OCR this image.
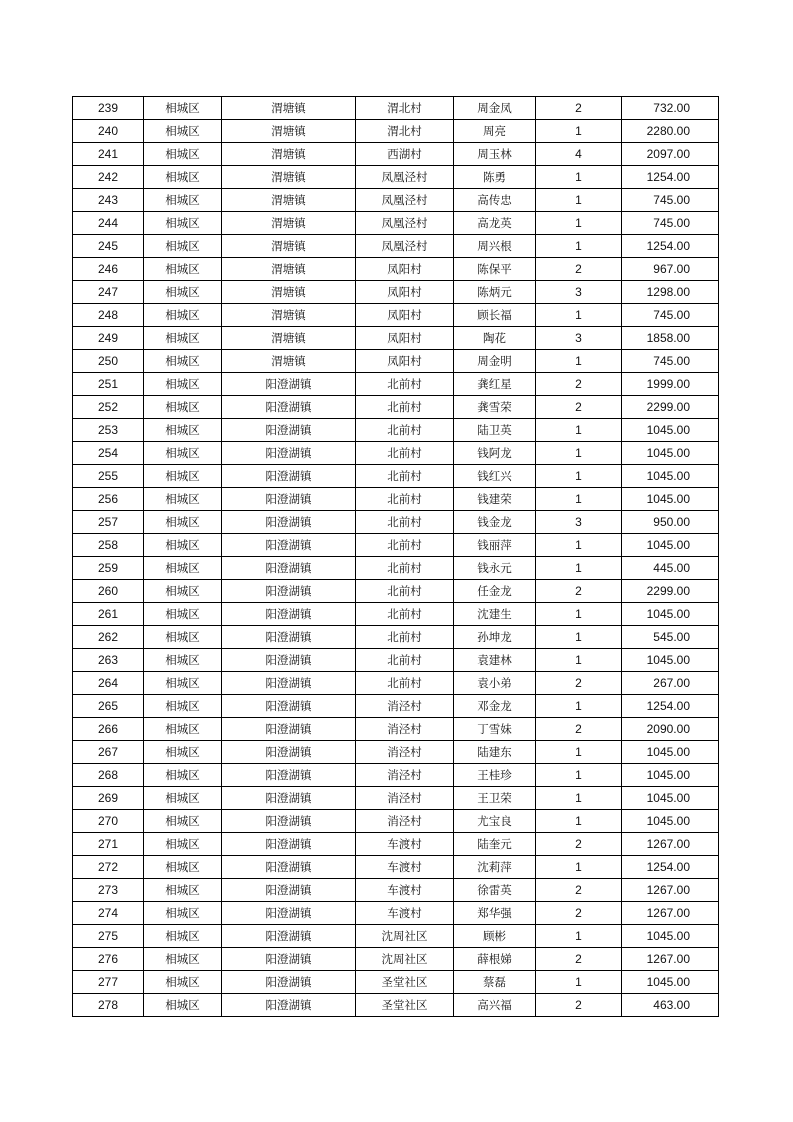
239	相城区	渭塘镇	渭北村	周金凤	2	732.00
240	相城区	渭塘镇	渭北村	周亮	1	2280.00
241	相城区	渭塘镇	西湖村	周玉林	4	2097.00
242	相城区	渭塘镇	凤凰泾村	陈勇	1	1254.00
243	相城区	渭塘镇	凤凰泾村	高传忠	1	745.00
244	相城区	渭塘镇	凤凰泾村	高龙英	1	745.00
245	相城区	渭塘镇	凤凰泾村	周兴根	1	1254.00
246	相城区	渭塘镇	凤阳村	陈保平	2	967.00
247	相城区	渭塘镇	凤阳村	陈炳元	3	1298.00
248	相城区	渭塘镇	凤阳村	顾长福	1	745.00
249	相城区	渭塘镇	凤阳村	陶花	3	1858.00
250	相城区	渭塘镇	凤阳村	周金明	1	745.00
251	相城区	阳澄湖镇	北前村	龚红星	2	1999.00
252	相城区	阳澄湖镇	北前村	龚雪荣	2	2299.00
253	相城区	阳澄湖镇	北前村	陆卫英	1	1045.00
254	相城区	阳澄湖镇	北前村	钱阿龙	1	1045.00
255	相城区	阳澄湖镇	北前村	钱红兴	1	1045.00
256	相城区	阳澄湖镇	北前村	钱建荣	1	1045.00
257	相城区	阳澄湖镇	北前村	钱金龙	3	950.00
258	相城区	阳澄湖镇	北前村	钱丽萍	1	1045.00
259	相城区	阳澄湖镇	北前村	钱永元	1	445.00
260	相城区	阳澄湖镇	北前村	任金龙	2	2299.00
261	相城区	阳澄湖镇	北前村	沈建生	1	1045.00
262	相城区	阳澄湖镇	北前村	孙坤龙	1	545.00
263	相城区	阳澄湖镇	北前村	袁建林	1	1045.00
264	相城区	阳澄湖镇	北前村	袁小弟	2	267.00
265	相城区	阳澄湖镇	消泾村	邓金龙	1	1254.00
266	相城区	阳澄湖镇	消泾村	丁雪妹	2	2090.00
267	相城区	阳澄湖镇	消泾村	陆建东	1	1045.00
268	相城区	阳澄湖镇	消泾村	王桂珍	1	1045.00
269	相城区	阳澄湖镇	消泾村	王卫荣	1	1045.00
270	相城区	阳澄湖镇	消泾村	尤宝良	1	1045.00
271	相城区	阳澄湖镇	车渡村	陆奎元	2	1267.00
272	相城区	阳澄湖镇	车渡村	沈莉萍	1	1254.00
273	相城区	阳澄湖镇	车渡村	徐雷英	2	1267.00
274	相城区	阳澄湖镇	车渡村	郑华强	2	1267.00
275	相城区	阳澄湖镇	沈周社区	顾彬	1	1045.00
276	相城区	阳澄湖镇	沈周社区	薛根娣	2	1267.00
277	相城区	阳澄湖镇	圣堂社区	蔡磊	1	1045.00
278	相城区	阳澄湖镇	圣堂社区	高兴福	2	463.00
